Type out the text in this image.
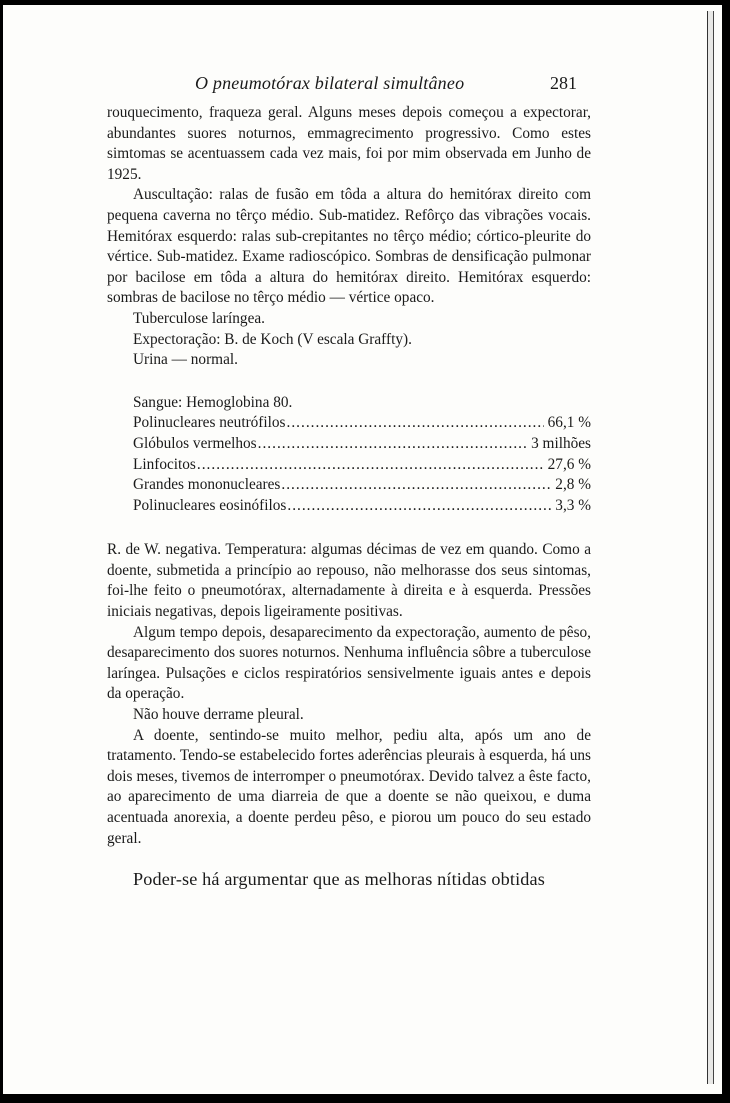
O pneumotórax bilateral simultâneo	281

rouquecimento, fraqueza geral. Alguns meses depois começou a expectorar, abundantes suores noturnos, emmagrecimento progressivo. Como estes simtomas se acentuassem cada vez mais, foi por mim observada em Junho de 1925.

Auscultação: ralas de fusão em tôda a altura do hemitórax direito com pequena caverna no têrço médio. Sub-matidez. Refôrço das vibrações vocais. Hemitórax esquerdo: ralas sub-crepitantes no têrço médio; córtico-pleurite do vértice. Sub-matidez. Exame radioscópico. Sombras de densificação pulmonar por bacilose em tôda a altura do hemitórax direito. Hemitórax esquerdo: sombras de bacilose no têrço médio — vértice opaco.

Tuberculose laríngea.

Expectoração: B. de Koch (V escala Graffty).

Urina — normal.

Sangue: Hemoglobina 80.

Polinucleares neutrófilos .....	66,1 %
Glóbulos vermelhos .....	3 milhões
Linfocitos .....	27,6 %
Grandes mononucleares .....	2,8 %
Polinucleares eosinófilos .....	3,3 %

R. de W. negativa. Temperatura: algumas décimas de vez em quando. Como a doente, submetida a princípio ao repouso, não melhorasse dos seus sintomas, foi-lhe feito o pneumotórax, alternadamente à direita e à esquerda. Pressões iniciais negativas, depois ligeiramente positivas.

Algum tempo depois, desaparecimento da expectoração, aumento de pêso, desaparecimento dos suores noturnos. Nenhuma influência sôbre a tuberculose laríngea. Pulsações e ciclos respiratórios sensivelmente iguais antes e depois da operação.

Não houve derrame pleural.

A doente, sentindo-se muito melhor, pediu alta, após um ano de tratamento. Tendo-se estabelecido fortes aderências pleurais à esquerda, há uns dois meses, tivemos de interromper o pneumotórax. Devido talvez a êste facto, ao aparecimento de uma diarreia de que a doente se não queixou, e duma acentuada anorexia, a doente perdeu pêso, e piorou um pouco do seu estado geral.

Poder-se há argumentar que as melhoras nítidas obtidas
